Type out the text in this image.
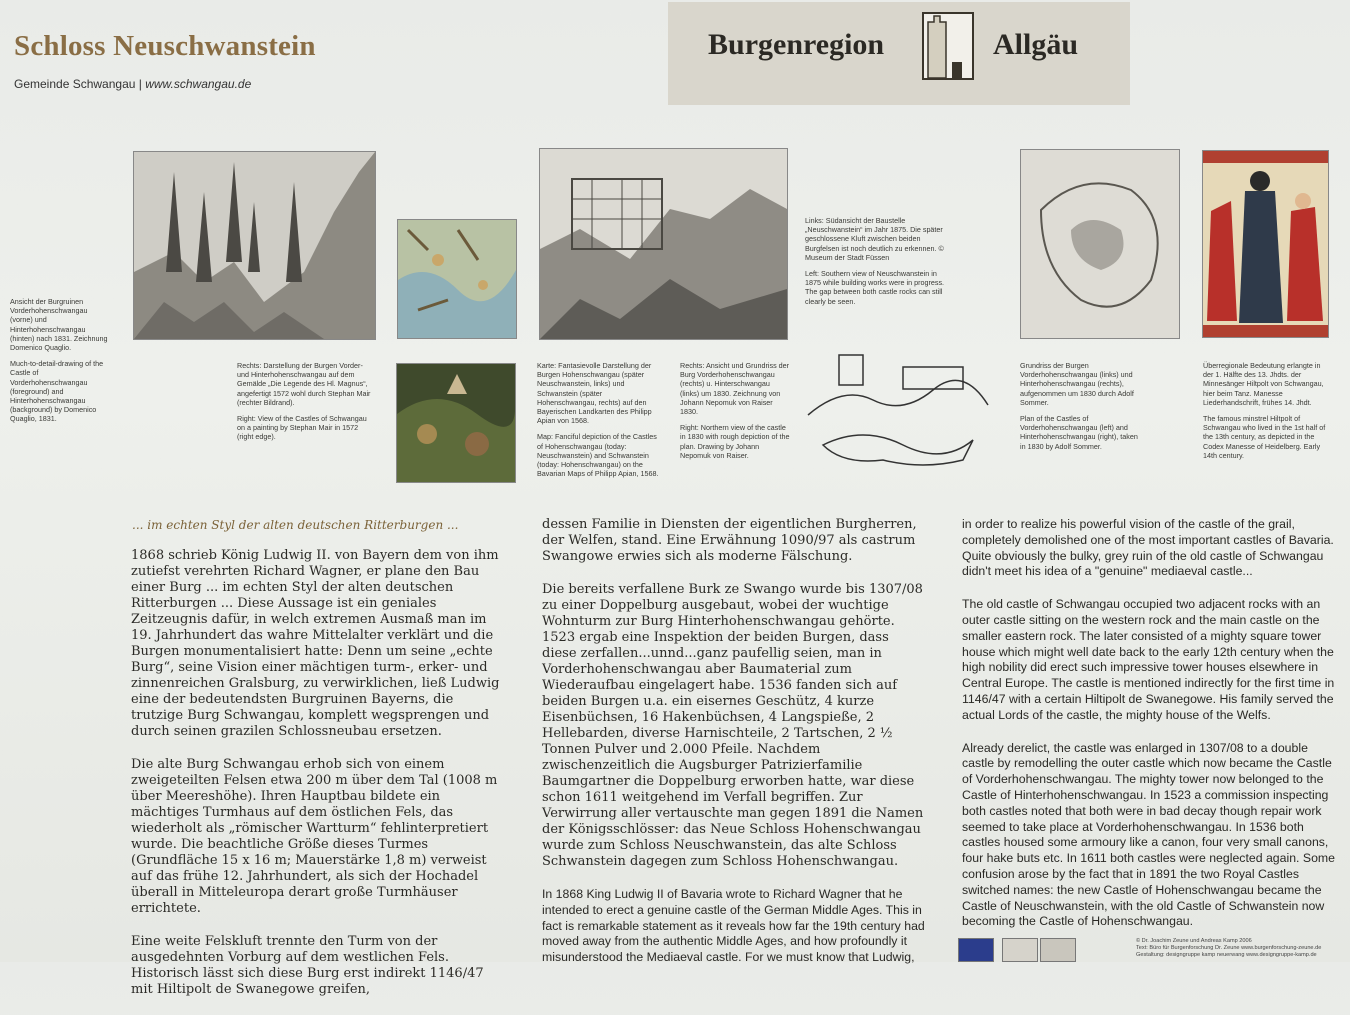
Schloss Neuschwanstein
Gemeinde Schwangau | www.schwangau.de
Burgenregion	Allgäu

Ansicht der Burgruinen Vorderhohenschwangau (vorne) und Hinterhohenschwangau (hinten) nach 1831. Zeichnung Domenico Quaglio.

Much-to-detail-drawing of the Castle of Vorderhohenschwangau (foreground) and Hinterhohenschwangau (background) by Domenico Quaglio, 1831.

Rechts: Darstellung der Burgen Vorder- und Hinterhohenschwangau auf dem Gemälde „Die Legende des Hl. Magnus“, angefertigt 1572 wohl durch Stephan Mair (rechter Bildrand).

Right: View of the Castles of Schwangau on a painting by Stephan Mair in 1572 (right edge).

Karte: Fantasievolle Darstellung der Burgen Hohenschwangau (später Neuschwanstein, links) und Schwanstein (später Hohenschwangau, rechts) auf den Bayerischen Landkarten des Philipp Apian von 1568.

Map: Fanciful depiction of the Castles of Hohenschwangau (today: Neuschwanstein) and Schwanstein (today: Hohenschwangau) on the Bavarian Maps of Philipp Apian, 1568.

Rechts: Ansicht und Grundriss der Burg Vorderhohenschwangau (rechts) u. Hinterschwangau (links) um 1830. Zeichnung von Johann Nepomuk von Raiser 1830.

Right: Northern view of the castle in 1830 with rough depiction of the plan. Drawing by Johann Nepomuk von Raiser.

Links: Südansicht der Baustelle „Neuschwanstein“ im Jahr 1875. Die später geschlossene Kluft zwischen beiden Burgfelsen ist noch deutlich zu erkennen. © Museum der Stadt Füssen

Left: Southern view of Neuschwanstein in 1875 while building works were in progress. The gap between both castle rocks can still clearly be seen.

Grundriss der Burgen Vorderhohenschwangau (links) und Hinterhohenschwangau (rechts), aufgenommen um 1830 durch Adolf Sommer.

Plan of the Castles of Vorderhohenschwangau (left) and Hinterhohenschwangau (right), taken in 1830 by Adolf Sommer.

Überregionale Bedeutung erlangte in der 1. Hälfte des 13. Jhdts. der Minnesänger Hiltpolt von Schwangau, hier beim Tanz. Manesse Liederhandschrift, frühes 14. Jhdt.

The famous minstrel Hiltpolt of Schwangau who lived in the 1st half of the 13th century, as depicted in the Codex Manesse of Heidelberg. Early 14th century.

... im echten Styl der alten deutschen Ritterburgen ...

1868 schrieb König Ludwig II. von Bayern dem von ihm zutiefst verehrten Richard Wagner, er plane den Bau einer Burg ... im echten Styl der alten deutschen Ritterburgen ... Diese Aussage ist ein geniales Zeitzeugnis dafür, in welch extremen Ausmaß man im 19. Jahrhundert das wahre Mittelalter verklärt und die Burgen monumentalisiert hatte: Denn um seine „echte Burg“, seine Vision einer mächtigen turm-, erker- und zinnenreichen Gralsburg, zu verwirklichen, ließ Ludwig eine der bedeutendsten Burgruinen Bayerns, die trutzige Burg Schwangau, komplett wegsprengen und durch seinen grazilen Schlossneubau ersetzen.

Die alte Burg Schwangau erhob sich von einem zweigeteilten Felsen etwa 200 m über dem Tal (1008 m über Meereshöhe). Ihren Hauptbau bildete ein mächtiges Turmhaus auf dem östlichen Fels, das wiederholt als „römischer Wartturm“ fehlinterpretiert wurde. Die beachtliche Größe dieses Turmes (Grundfläche 15 x 16 m; Mauerstärke 1,8 m) verweist auf das frühe 12. Jahrhundert, als sich der Hochadel überall in Mitteleuropa derart große Turmhäuser errichtete.

Eine weite Felskluft trennte den Turm von der ausgedehnten Vorburg auf dem westlichen Fels. Historisch lässt sich diese Burg erst indirekt 1146/47 mit Hiltipolt de Swanegowe greifen,

dessen Familie in Diensten der eigentlichen Burgherren, der Welfen, stand. Eine Erwähnung 1090/97 als castrum Swangowe erwies sich als moderne Fälschung.

Die bereits verfallene Burk ze Swango wurde bis 1307/08 zu einer Doppelburg ausgebaut, wobei der wuchtige Wohnturm zur Burg Hinterhohenschwangau gehörte. 1523 ergab eine Inspektion der beiden Burgen, dass diese zerfallen...unnd...ganz paufellig seien, man in Vorderhohenschwangau aber Baumaterial zum Wiederaufbau eingelagert habe. 1536 fanden sich auf beiden Burgen u.a. ein eisernes Geschütz, 4 kurze Eisenbüchsen, 16 Hakenbüchsen, 4 Langspieße, 2 Hellebarden, diverse Harnischteile, 2 Tartschen, 2 ½ Tonnen Pulver und 2.000 Pfeile. Nachdem zwischenzeitlich die Augsburger Patrizierfamilie Baumgartner die Doppelburg erworben hatte, war diese schon 1611 weitgehend im Verfall begriffen. Zur Verwirrung aller vertauschte man gegen 1891 die Namen der Königsschlösser: das Neue Schloss Hohenschwangau wurde zum Schloss Neuschwanstein, das alte Schloss Schwanstein dagegen zum Schloss Hohenschwangau.

In 1868 King Ludwig II of Bavaria wrote to Richard Wagner that he intended to erect a genuine castle of the German Middle Ages. This in fact is remarkable statement as it reveals how far the 19th century had moved away from the authentic Middle Ages, and how profoundly it misunderstood the Mediaeval castle. For we must know that Ludwig,

in order to realize his powerful vision of the castle of the grail, completely demolished one of the most important castles of Bavaria. Quite obviously the bulky, grey ruin of the old castle of Schwangau didn't meet his idea of a "genuine" mediaeval castle...

The old castle of Schwangau occupied two adjacent rocks with an outer castle sitting on the western rock and the main castle on the smaller eastern rock. The later consisted of a mighty square tower house which might well date back to the early 12th century when the high nobility did erect such impressive tower houses elsewhere in Central Europe. The castle is mentioned indirectly for the first time in 1146/47 with a certain Hiltipolt de Swanegowe. His family served the actual Lords of the castle, the mighty house of the Welfs.

Already derelict, the castle was enlarged in 1307/08 to a double castle by remodelling the outer castle which now became the Castle of Vorderhohenschwangau. The mighty tower now belonged to the Castle of Hinterhohenschwangau. In 1523 a commission inspecting both castles noted that both were in bad decay though repair work seemed to take place at Vorderhohenschwangau. In 1536 both castles housed some armoury like a canon, four very small canons, four hake buts etc. In 1611 both castles were neglected again. Some confusion arose by the fact that in 1891 the two Royal Castles switched names: the new Castle of Hohenschwangau became the Castle of Neuschwanstein, with the old Castle of Schwanstein now becoming the Castle of Hohenschwangau.

© Dr. Joachim Zeune und Andreas Kamp 2006
Text: Büro für Burgenforschung Dr. Zeune www.burgenforschung-zeune.de
Gestaltung: designgruppe kamp neuerwang www.designgruppe-kamp.de
